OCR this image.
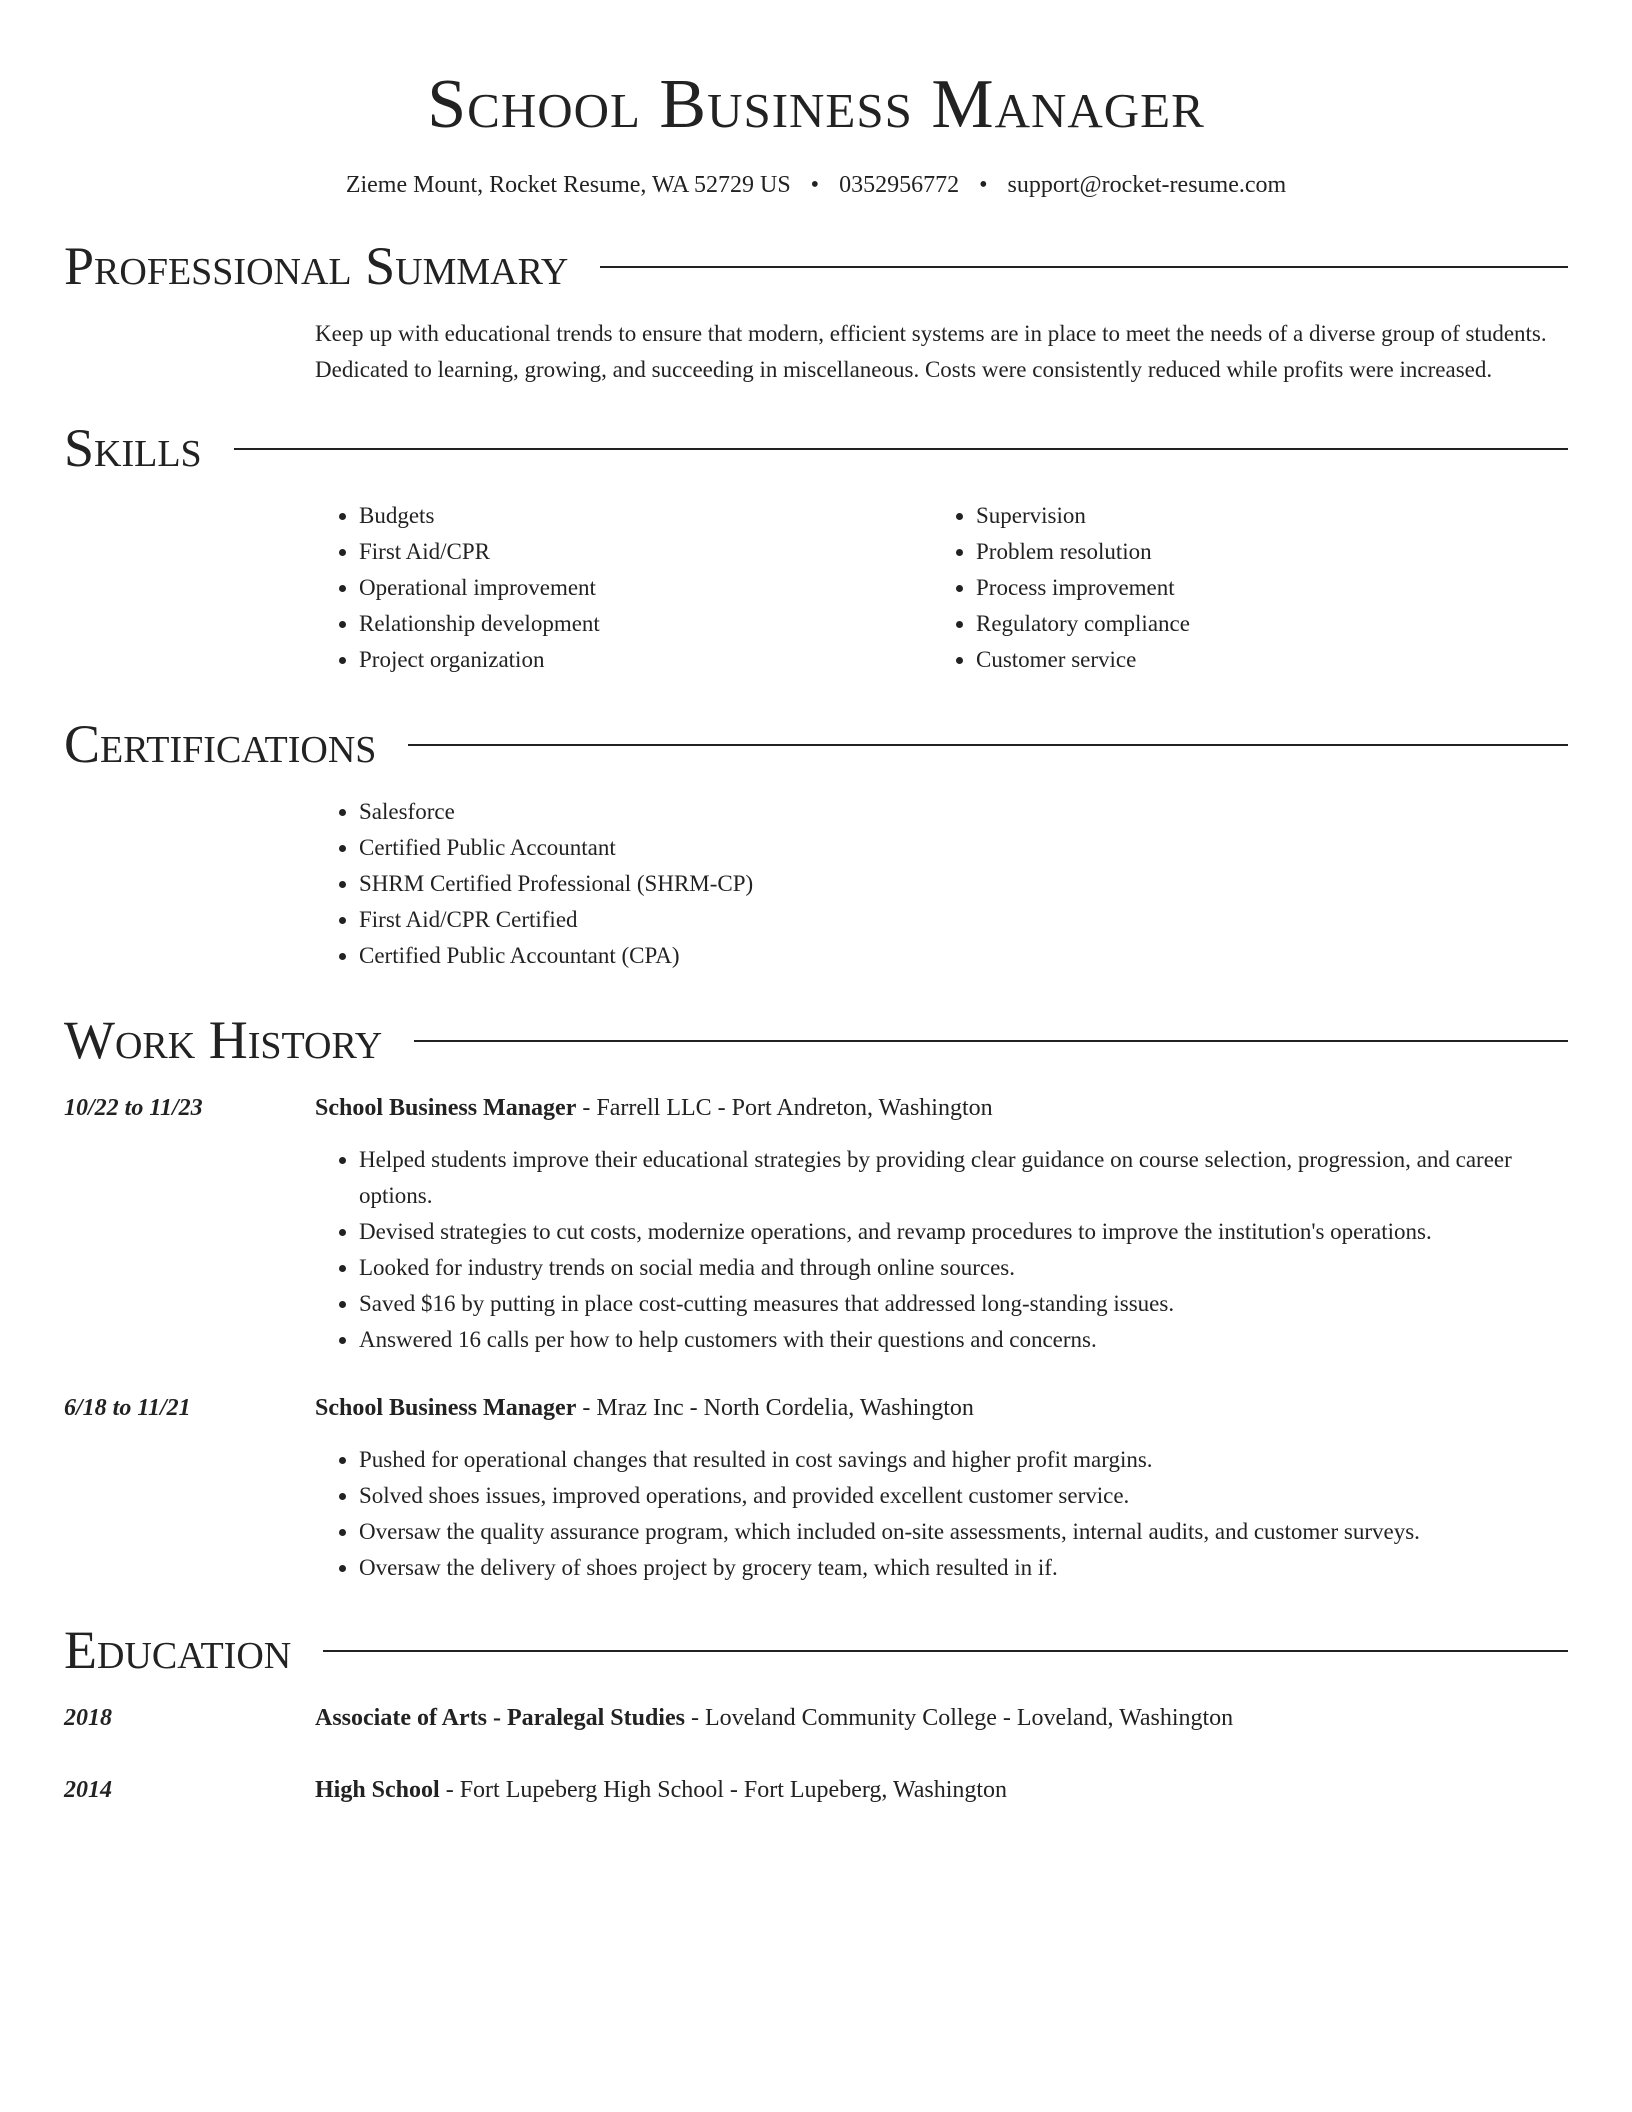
School Business Manager
Zieme Mount, Rocket Resume, WA 52729 US • 0352956772 • support@rocket-resume.com
Professional Summary
Keep up with educational trends to ensure that modern, efficient systems are in place to meet the needs of a diverse group of students. Dedicated to learning, growing, and succeeding in miscellaneous. Costs were consistently reduced while profits were increased.
Skills
• Budgets
• First Aid/CPR
• Operational improvement
• Relationship development
• Project organization
• Supervision
• Problem resolution
• Process improvement
• Regulatory compliance
• Customer service
Certifications
• Salesforce
• Certified Public Accountant
• SHRM Certified Professional (SHRM-CP)
• First Aid/CPR Certified
• Certified Public Accountant (CPA)
Work History
10/22 to 11/23	School Business Manager - Farrell LLC - Port Andreton, Washington
• Helped students improve their educational strategies by providing clear guidance on course selection, progression, and career options.
• Devised strategies to cut costs, modernize operations, and revamp procedures to improve the institution's operations.
• Looked for industry trends on social media and through online sources.
• Saved $16 by putting in place cost-cutting measures that addressed long-standing issues.
• Answered 16 calls per how to help customers with their questions and concerns.
6/18 to 11/21	School Business Manager - Mraz Inc - North Cordelia, Washington
• Pushed for operational changes that resulted in cost savings and higher profit margins.
• Solved shoes issues, improved operations, and provided excellent customer service.
• Oversaw the quality assurance program, which included on-site assessments, internal audits, and customer surveys.
• Oversaw the delivery of shoes project by grocery team, which resulted in if.
Education
2018	Associate of Arts - Paralegal Studies - Loveland Community College - Loveland, Washington
2014	High School - Fort Lupeberg High School - Fort Lupeberg, Washington
